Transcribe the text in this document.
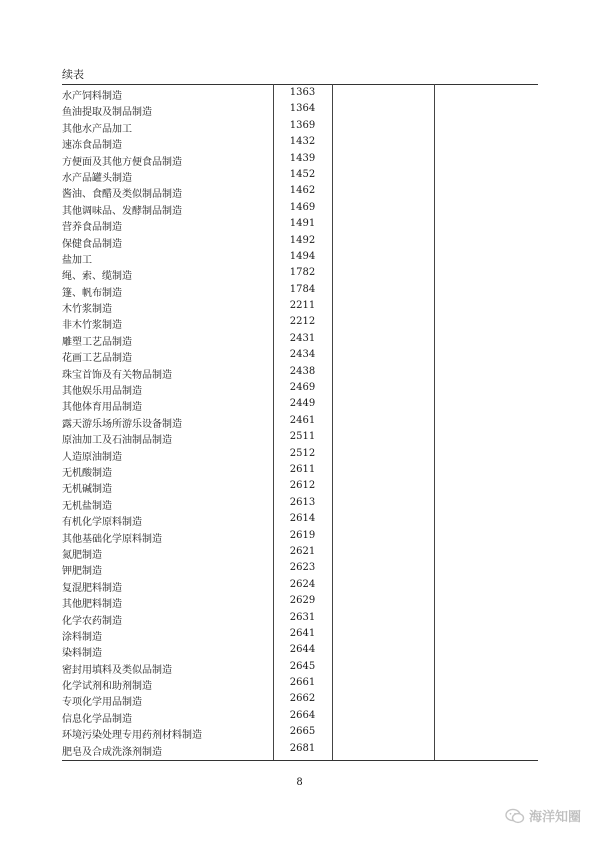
续表
水产饲料制造	1363
鱼油提取及制品制造	1364
其他水产品加工	1369
速冻食品制造	1432
方便面及其他方便食品制造	1439
水产品罐头制造	1452
酱油、食醋及类似制品制造	1462
其他调味品、发酵制品制造	1469
营养食品制造	1491
保健食品制造	1492
盐加工	1494
绳、索、缆制造	1782
篷、帆布制造	1784
木竹浆制造	2211
非木竹浆制造	2212
雕塑工艺品制造	2431
花画工艺品制造	2434
珠宝首饰及有关物品制造	2438
其他娱乐用品制造	2469
其他体育用品制造	2449
露天游乐场所游乐设备制造	2461
原油加工及石油制品制造	2511
人造原油制造	2512
无机酸制造	2611
无机碱制造	2612
无机盐制造	2613
有机化学原料制造	2614
其他基础化学原料制造	2619
氮肥制造	2621
钾肥制造	2623
复混肥料制造	2624
其他肥料制造	2629
化学农药制造	2631
涂料制造	2641
染料制造	2644
密封用填料及类似品制造	2645
化学试剂和助剂制造	2661
专项化学用品制造	2662
信息化学品制造	2664
环境污染处理专用药剂材料制造	2665
肥皂及合成洗涤剂制造	2681
8
海洋知圈
